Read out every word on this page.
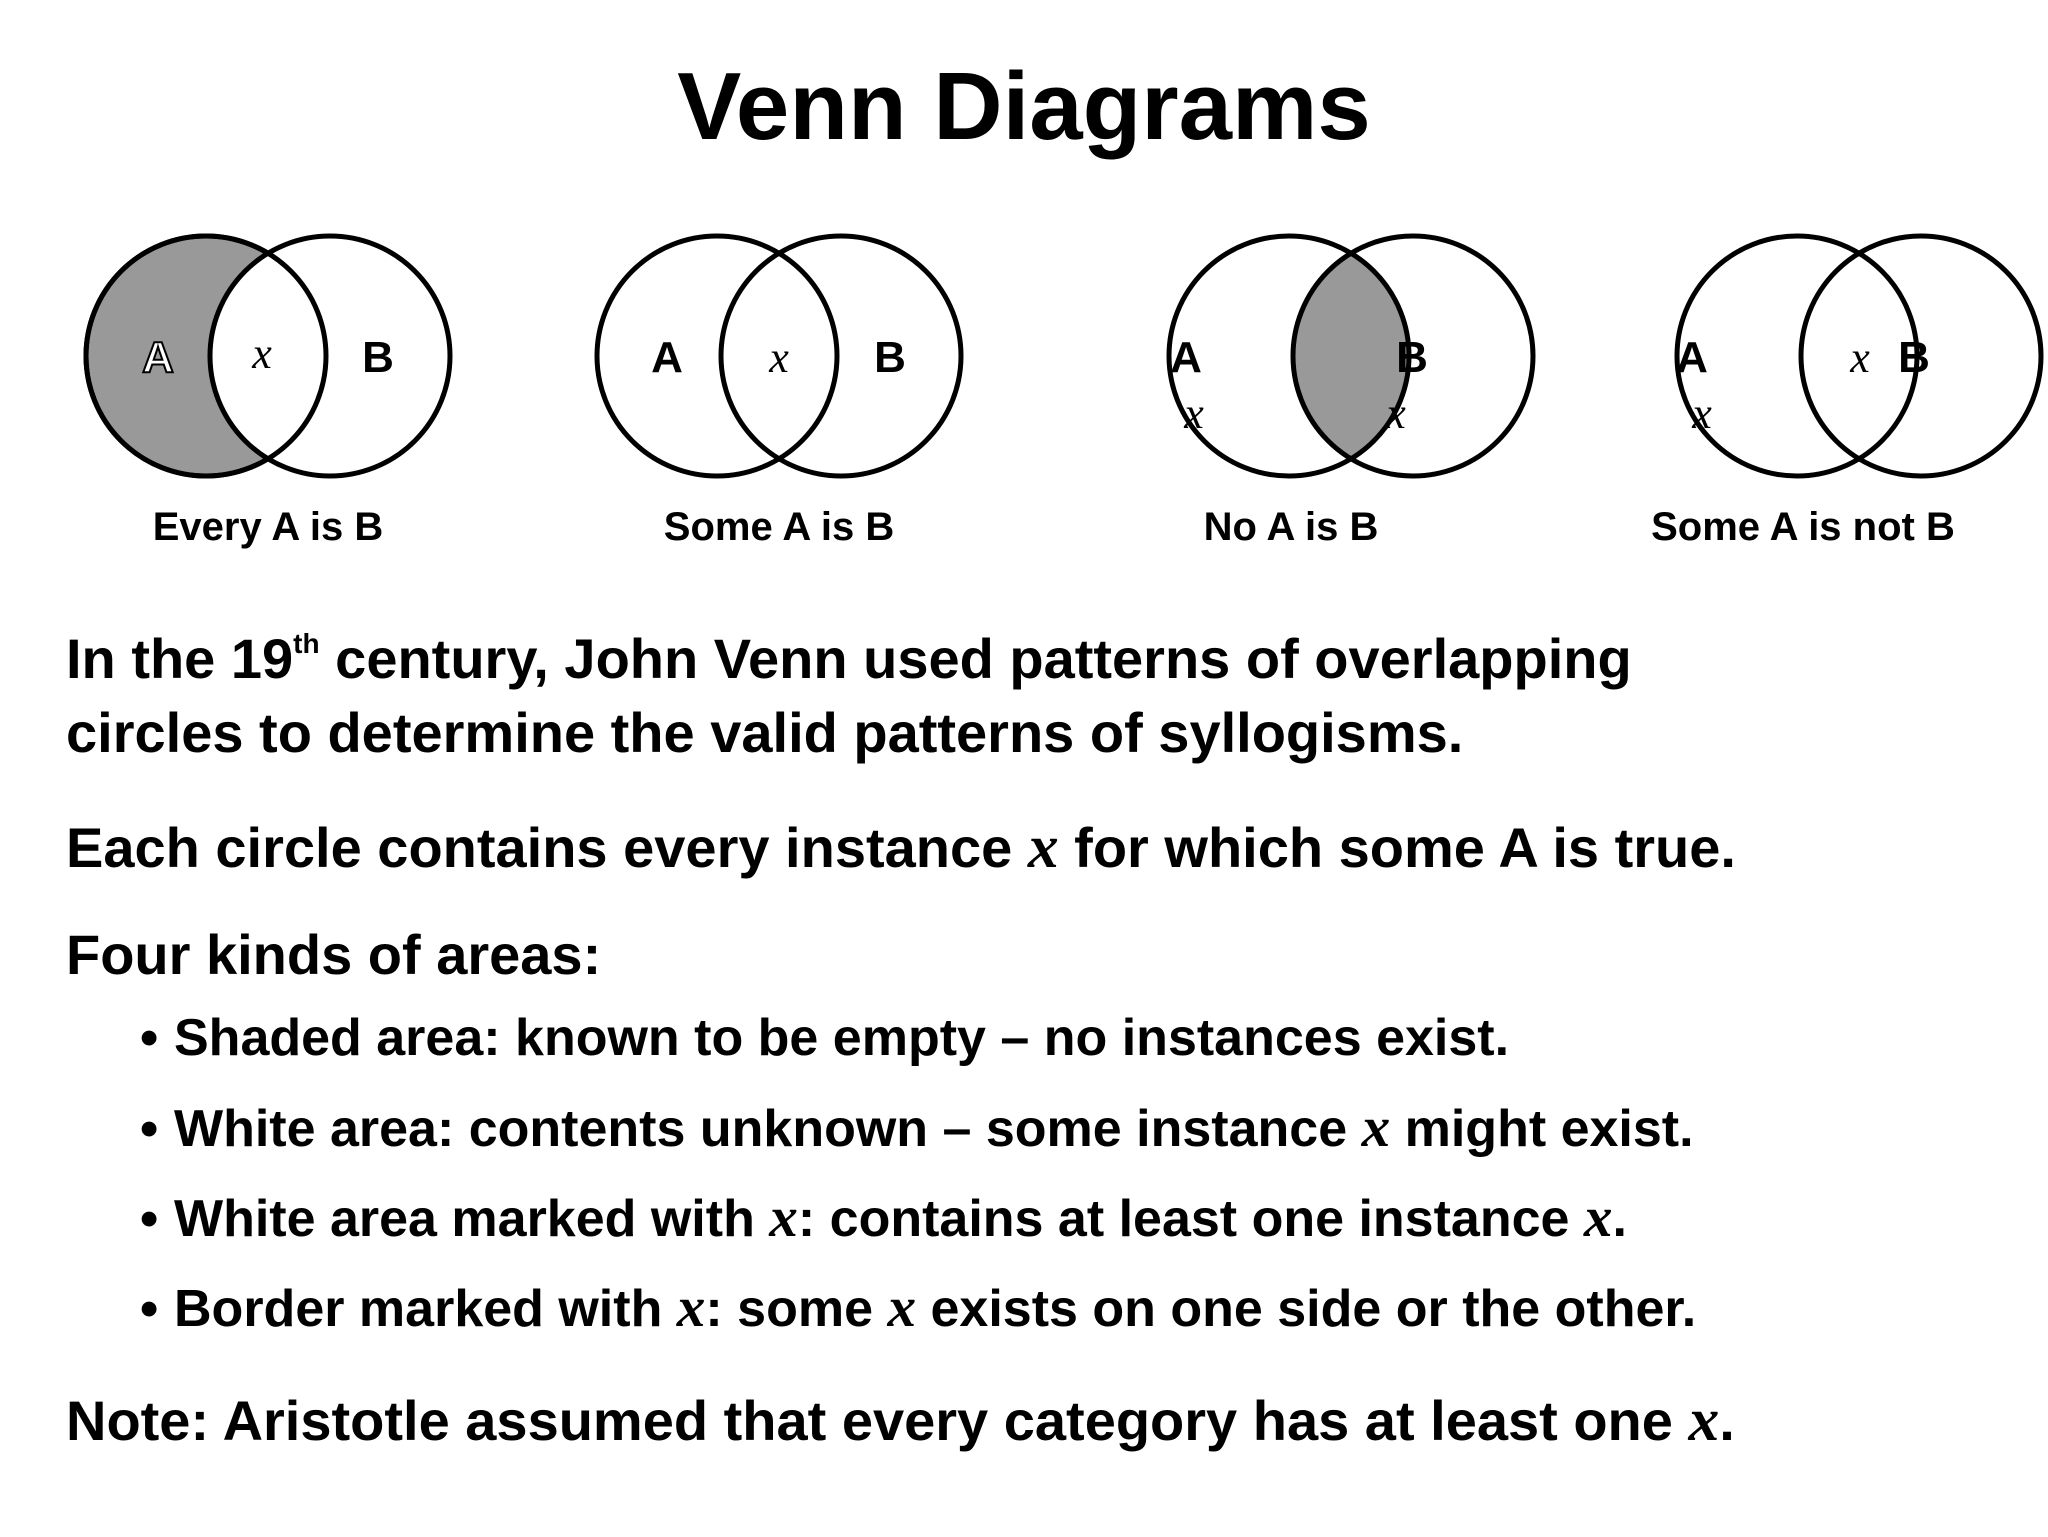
Venn Diagrams
A x B
Every A is B
A x B
Some A is B
A	B
x	x
No A is B
A	x B
x
Some A is not B
In the 19th century, John Venn used patterns of overlapping
circles to determine the valid patterns of syllogisms.
Each circle contains every instance x for which some A is true.
Four kinds of areas:
• Shaded area: known to be empty – no instances exist.
• White area: contents unknown – some instance x might exist.
• White area marked with x: contains at least one instance x.
• Border marked with x: some x exists on one side or the other.
Note: Aristotle assumed that every category has at least one x.
